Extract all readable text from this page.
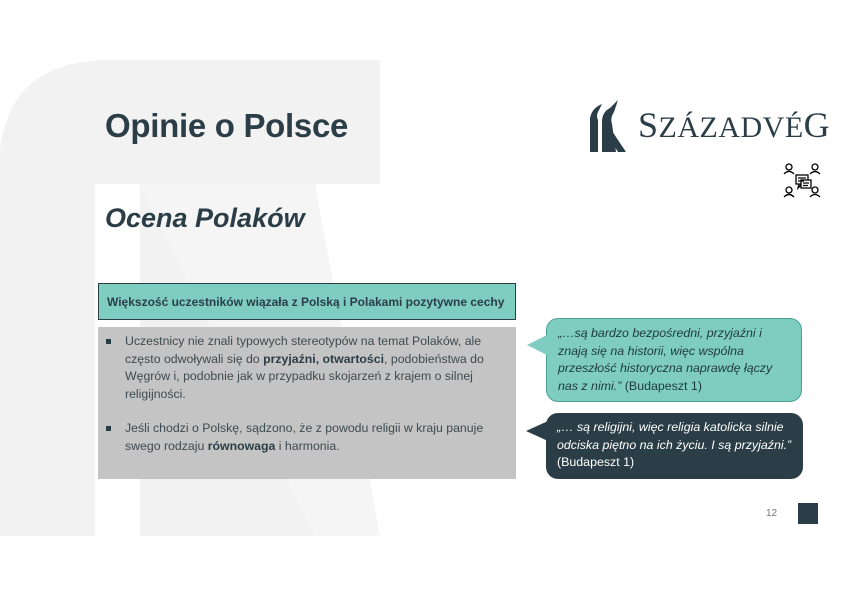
Opinie o Polsce
Ocena Polaków
SZÁZADVÉG
Większość uczestników wiązała z Polską i Polakami pozytywne cechy
Uczestnicy nie znali typowych stereotypów na temat Polaków, ale często odwoływali się do przyjaźni, otwartości, podobieństwa do Węgrów i, podobnie jak w przypadku skojarzeń z krajem o silnej religijności.
Jeśli chodzi o Polskę, sądzono, że z powodu religii w kraju panuje swego rodzaju równowaga i harmonia.
„…są bardzo bezpośredni, przyjaźni i znają się na historii, więc wspólna przeszłość historyczna naprawdę łączy nas z nimi.” (Budapeszt 1)
„… są religijni, więc religia katolicka silnie odciska piętno na ich życiu. I są przyjaźni.” (Budapeszt 1)
12
